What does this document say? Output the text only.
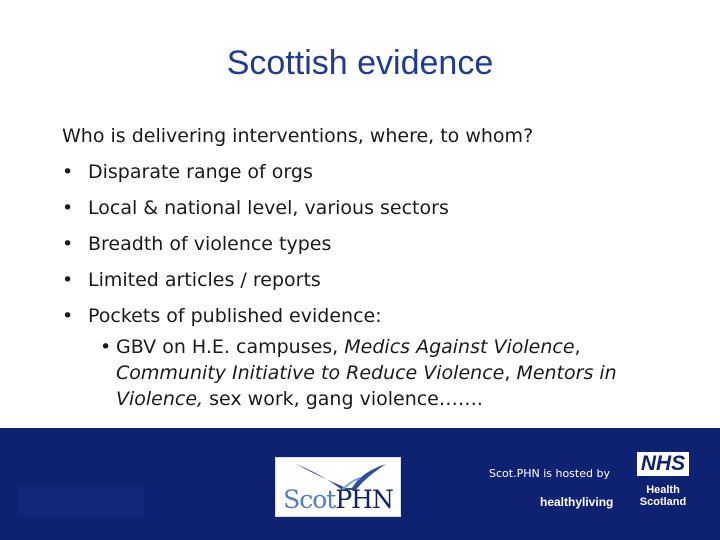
Scottish evidence
Who is delivering interventions, where, to whom?
• Disparate range of orgs
• Local & national level, various sectors
• Breadth of violence types
• Limited articles / reports
• Pockets of published evidence:
• GBV on H.E. campuses, Medics Against Violence, Community Initiative to Reduce Violence, Mentors in Violence, sex work, gang violence…….
ScotPHN
Scot.PHN is hosted by
healthyliving
NHS
Health
Scotland
